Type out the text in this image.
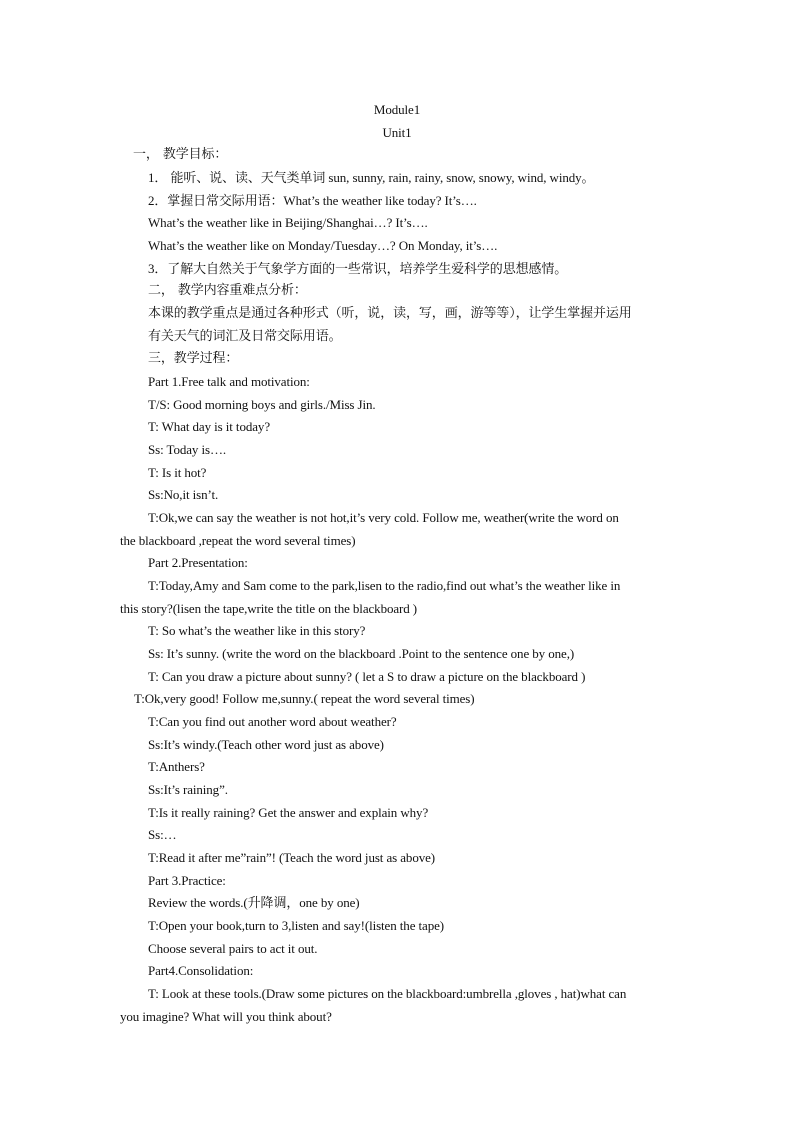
Module1
Unit1
一， 教学目标：
1． 能听、说、读、天气类单词 sun, sunny, rain, rainy, snow, snowy, wind, windy。
2．掌握日常交际用语：What’s the weather like today? It’s….
What’s the weather like in Beijing/Shanghai…? It’s….
What’s the weather like on Monday/Tuesday…? On Monday, it’s….
3．了解大自然关于气象学方面的一些常识，培养学生爱科学的思想感情。
二， 教学内容重难点分析：
本课的教学重点是通过各种形式（听，说，读，写，画，游等等），让学生掌握并运用
有关天气的词汇及日常交际用语。
三，教学过程：
Part 1.Free talk and motivation:
T/S: Good morning boys and girls./Miss Jin.
T: What day is it today?
Ss: Today is….
T: Is it hot?
Ss:No,it isn’t.
T:Ok,we can say the weather is not hot,it’s very cold. Follow me, weather(write the word on
the blackboard ,repeat the word several times)
Part 2.Presentation:
T:Today,Amy and Sam come to the park,lisen to the radio,find out what’s the weather like in
this story?(lisen the tape,write the title on the blackboard )
T: So what’s the weather like in this story?
Ss: It’s sunny. (write the word on the blackboard .Point to the sentence one by one,)
T: Can you draw a picture about sunny? ( let a S to draw a picture on the blackboard )
T:Ok,very good! Follow me,sunny.( repeat the word several times)
T:Can you find out another word about weather?
Ss:It’s windy.(Teach other word just as above)
T:Anthers?
Ss:It’s raining”.
T:Is it really raining? Get the answer and explain why?
Ss:…
T:Read it after me”rain”! (Teach the word just as above)
Part 3.Practice:
Review the words.(升降调，one by one)
T:Open your book,turn to 3,listen and say!(listen the tape)
Choose several pairs to act it out.
Part4.Consolidation:
T: Look at these tools.(Draw some pictures on the blackboard:umbrella ,gloves , hat)what can
you imagine? What will you think about?
